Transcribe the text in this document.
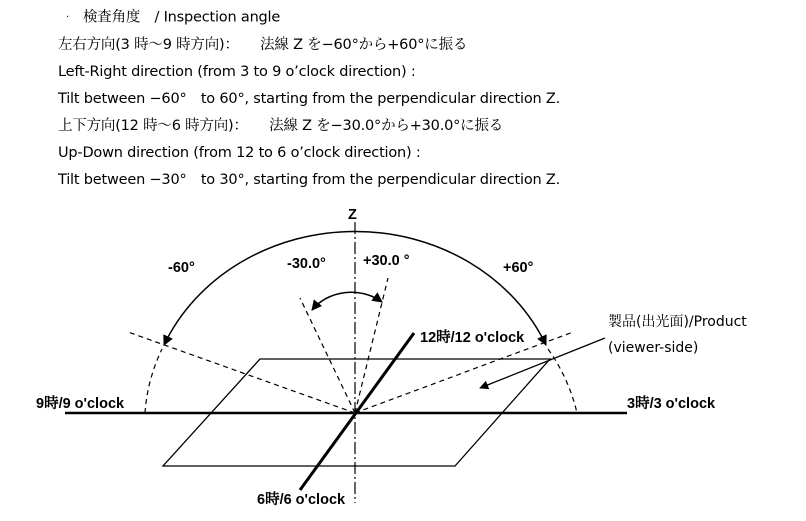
· 検査角度　/ Inspection angle
左右方向(3 時〜9 時方向)：　　法線 Z を−60°から+60°に振る
Left-Right direction (from 3 to 9 o’clock direction) :
Tilt between −60°　to 60°, starting from the perpendicular direction Z.
上下方向(12 時〜6 時方向)：　　法線 Z を−30.0°から+30.0°に振る
Up-Down direction (from 12 to 6 o’clock direction) :
Tilt between −30°　to 30°, starting from the perpendicular direction Z.
Z
-60°	+60°
-30.0°	+30.0 °
9時/9 o'clock	3時/3 o'clock
12時/12 o'clock
6時/6 o'clock
製品(出光面)/Product
(viewer-side)
